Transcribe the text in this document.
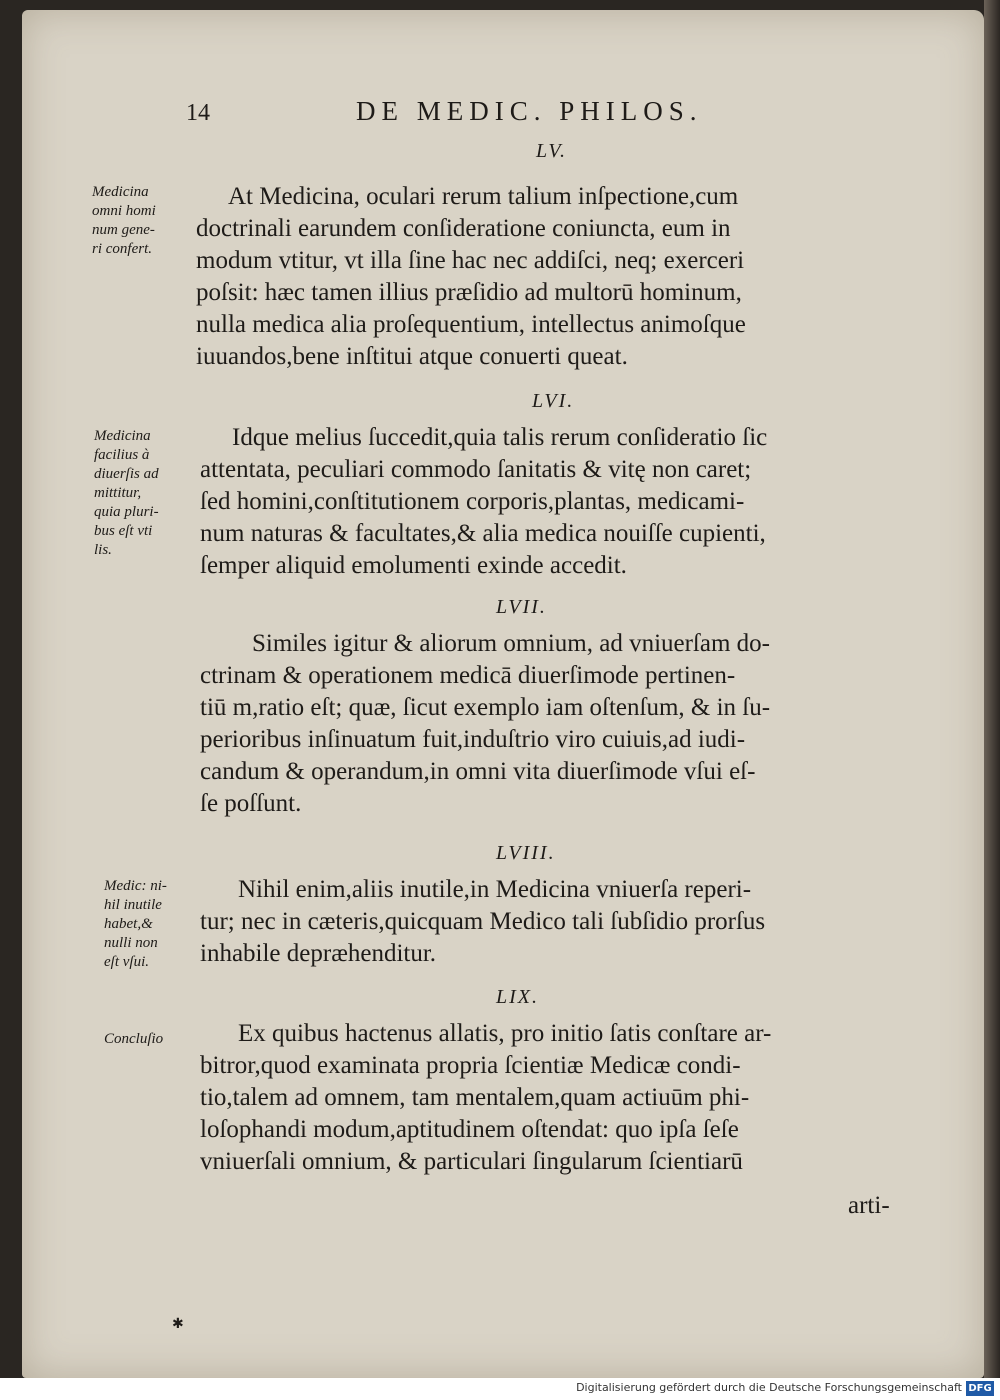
14	DE MEDIC. PHILOS.
LV.
Medicina
omni homi
num gene-
ri confert.
At Medicina, oculari rerum talium inſpectione,cum
doctrinali earundem conſideratione coniuncta, eum in
modum vtitur, vt illa ſine hac nec addiſci, neq; exerceri
poſsit: hæc tamen illius præſidio ad multorū hominum,
nulla medica alia proſequentium, intellectus animoſque
iuuandos,bene inſtitui atque conuerti queat.
LVI.
Medicina
facilius à
diuerſis ad
mittitur,
quia pluri-
bus eſt vti
lis.
Idque melius ſuccedit,quia talis rerum conſideratio ſic
attentata, peculiari commodo ſanitatis & vitę non caret;
ſed homini,conſtitutionem corporis,plantas, medicami-
num naturas & facultates,& alia medica nouiſſe cupienti,
ſemper aliquid emolumenti exinde accedit.
LVII.
Similes igitur & aliorum omnium, ad vniuerſam do-
ctrinam & operationem medicā diuerſimode pertinen-
tiū m,ratio eſt; quæ, ſicut exemplo iam oſtenſum, & in ſu-
perioribus inſinuatum fuit,induſtrio viro cuiuis,ad iudi-
candum & operandum,in omni vita diuerſimode vſui eſ-
ſe poſſunt.
LVIII.
Medic: ni-
hil inutile
habet,&
nulli non
eſt vſui.
Nihil enim,aliis inutile,in Medicina vniuerſa reperi-
tur; nec in cæteris,quicquam Medico tali ſubſidio prorſus
inhabile depræhenditur.
LIX.
Concluſio	Ex quibus hactenus allatis, pro initio ſatis conſtare ar-
bitror,quod examinata propria ſcientiæ Medicæ condi-
tio,talem ad omnem, tam mentalem,quam actiuūm phi-
loſophandi modum,aptitudinem oſtendat: quo ipſa ſeſe
vniuerſali omnium, & particulari ſingularum ſcientiarū
arti-
✱
Digitalisierung gefördert durch die Deutsche Forschungsgemeinschaft DFG
